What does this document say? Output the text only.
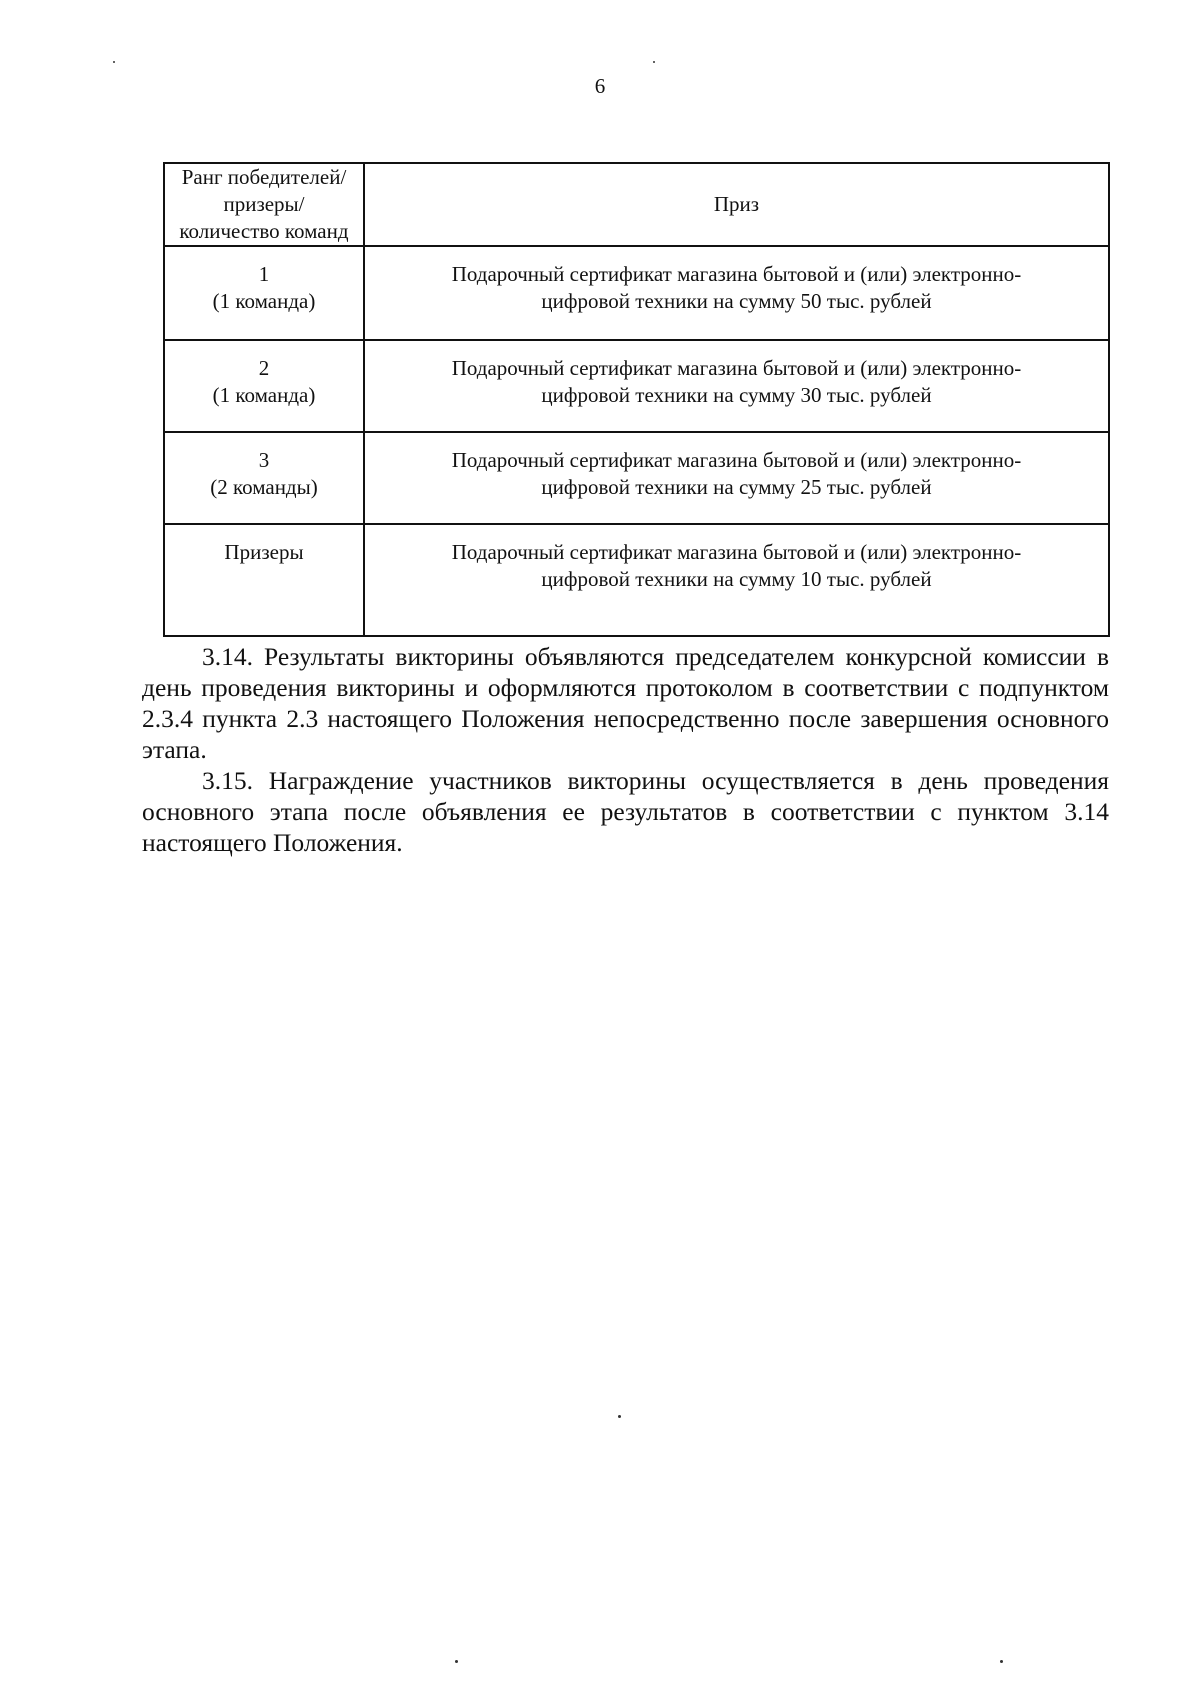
6
Ранг победителей/
призеры/
количество команд	Приз

1
(1 команда)	Подарочный сертификат магазина бытовой и (или) электронно-
цифровой техники на сумму 50 тыс. рублей

2
(1 команда)	Подарочный сертификат магазина бытовой и (или) электронно-
цифровой техники на сумму 30 тыс. рублей

3
(2 команды)	Подарочный сертификат магазина бытовой и (или) электронно-
цифровой техники на сумму 25 тыс. рублей

Призеры	Подарочный сертификат магазина бытовой и (или) электронно-
цифровой техники на сумму 10 тыс. рублей

3.14. Результаты викторины объявляются председателем конкурсной комиссии в день проведения викторины и оформляются протоколом в соответствии с подпунктом 2.3.4 пункта 2.3 настоящего Положения непосредственно после завершения основного этапа.

3.15. Награждение участников викторины осуществляется в день проведения основного этапа после объявления ее результатов в соответствии с пунктом 3.14 настоящего Положения.
